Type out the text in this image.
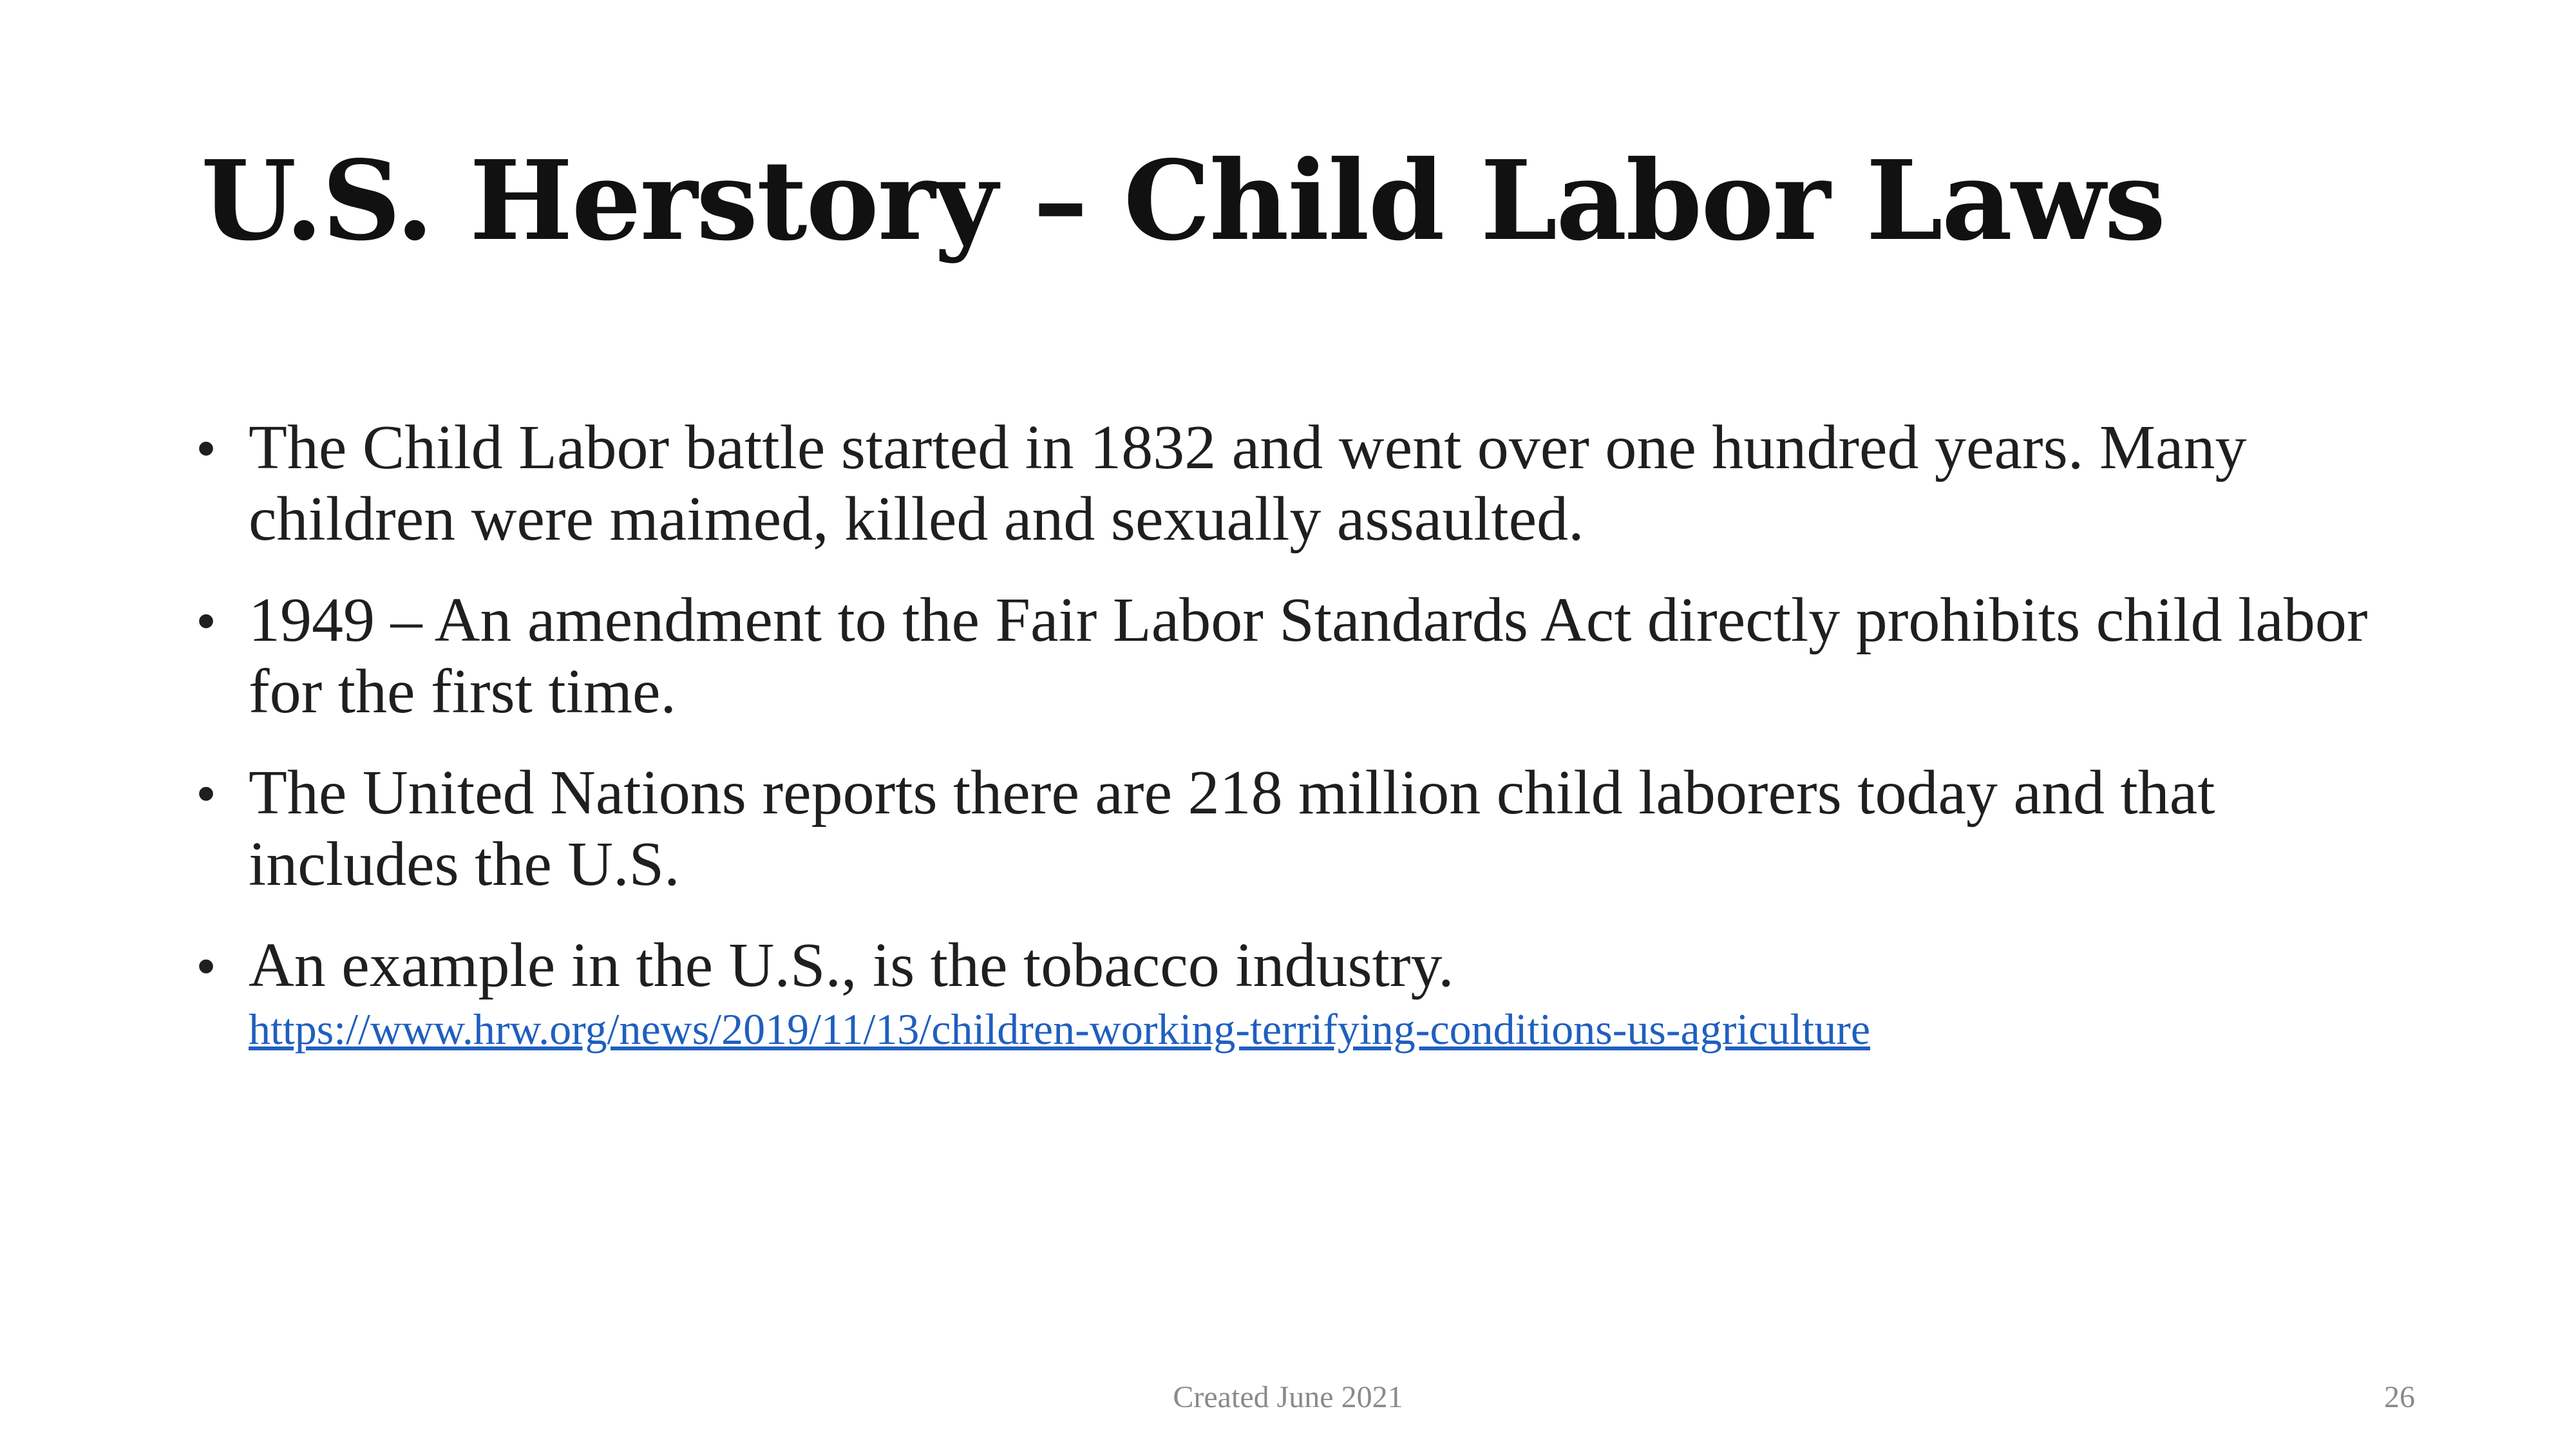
U.S. Herstory – Child Labor Laws
• The Child Labor battle started in 1832 and went over one hundred years. Many children were maimed, killed and sexually assaulted.
• 1949 – An amendment to the Fair Labor Standards Act directly prohibits child labor for the first time.
• The United Nations reports there are 218 million child laborers today and that includes the U.S.
• An example in the U.S., is the tobacco industry.
https://www.hrw.org/news/2019/11/13/children-working-terrifying-conditions-us-agriculture
Created June 2021	26
